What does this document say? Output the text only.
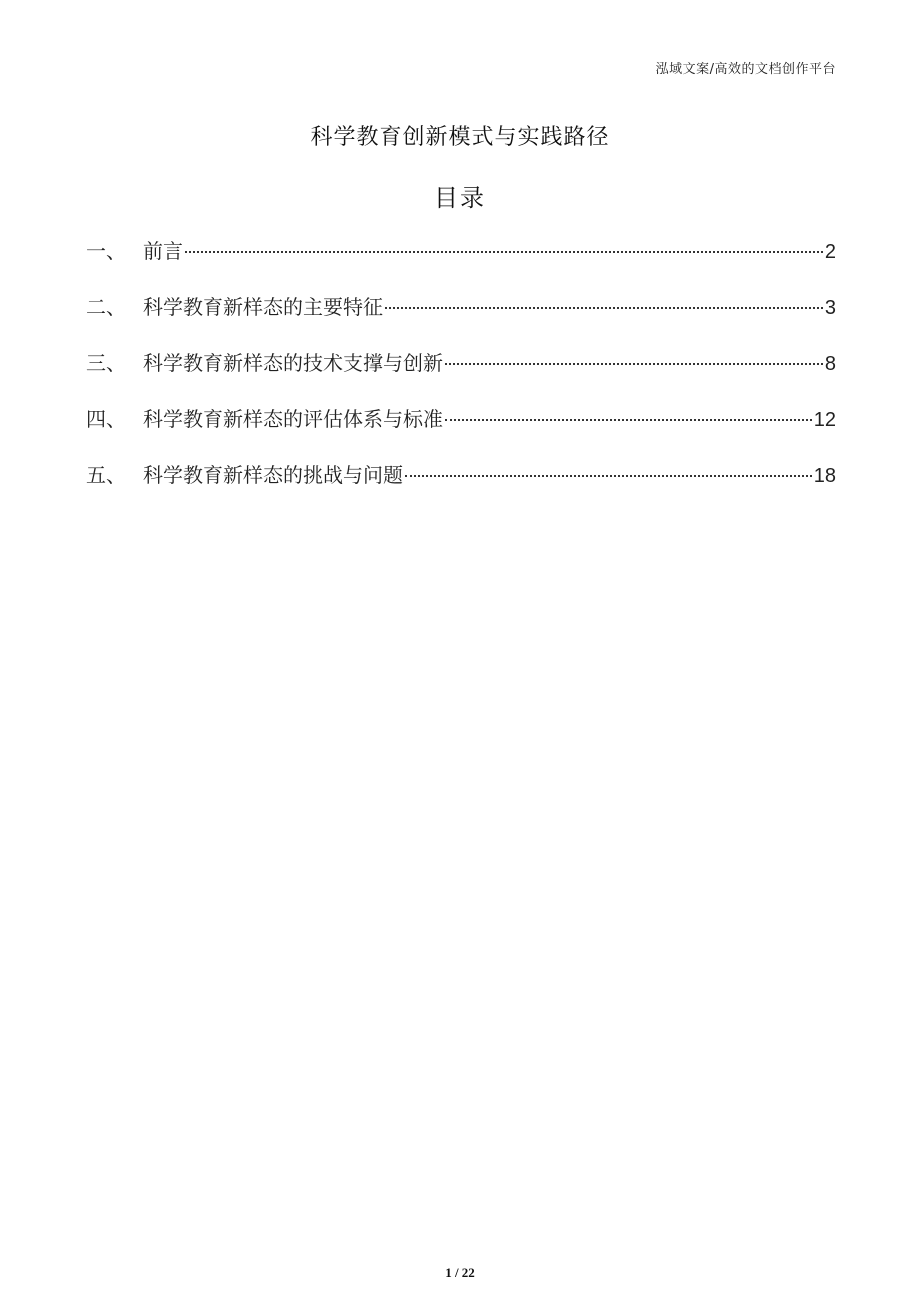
泓域文案/高效的文档创作平台
科学教育创新模式与实践路径
目录
一、 前言	2
二、 科学教育新样态的主要特征	3
三、 科学教育新样态的技术支撑与创新	8
四、 科学教育新样态的评估体系与标准	12
五、 科学教育新样态的挑战与问题	18
1 / 22
